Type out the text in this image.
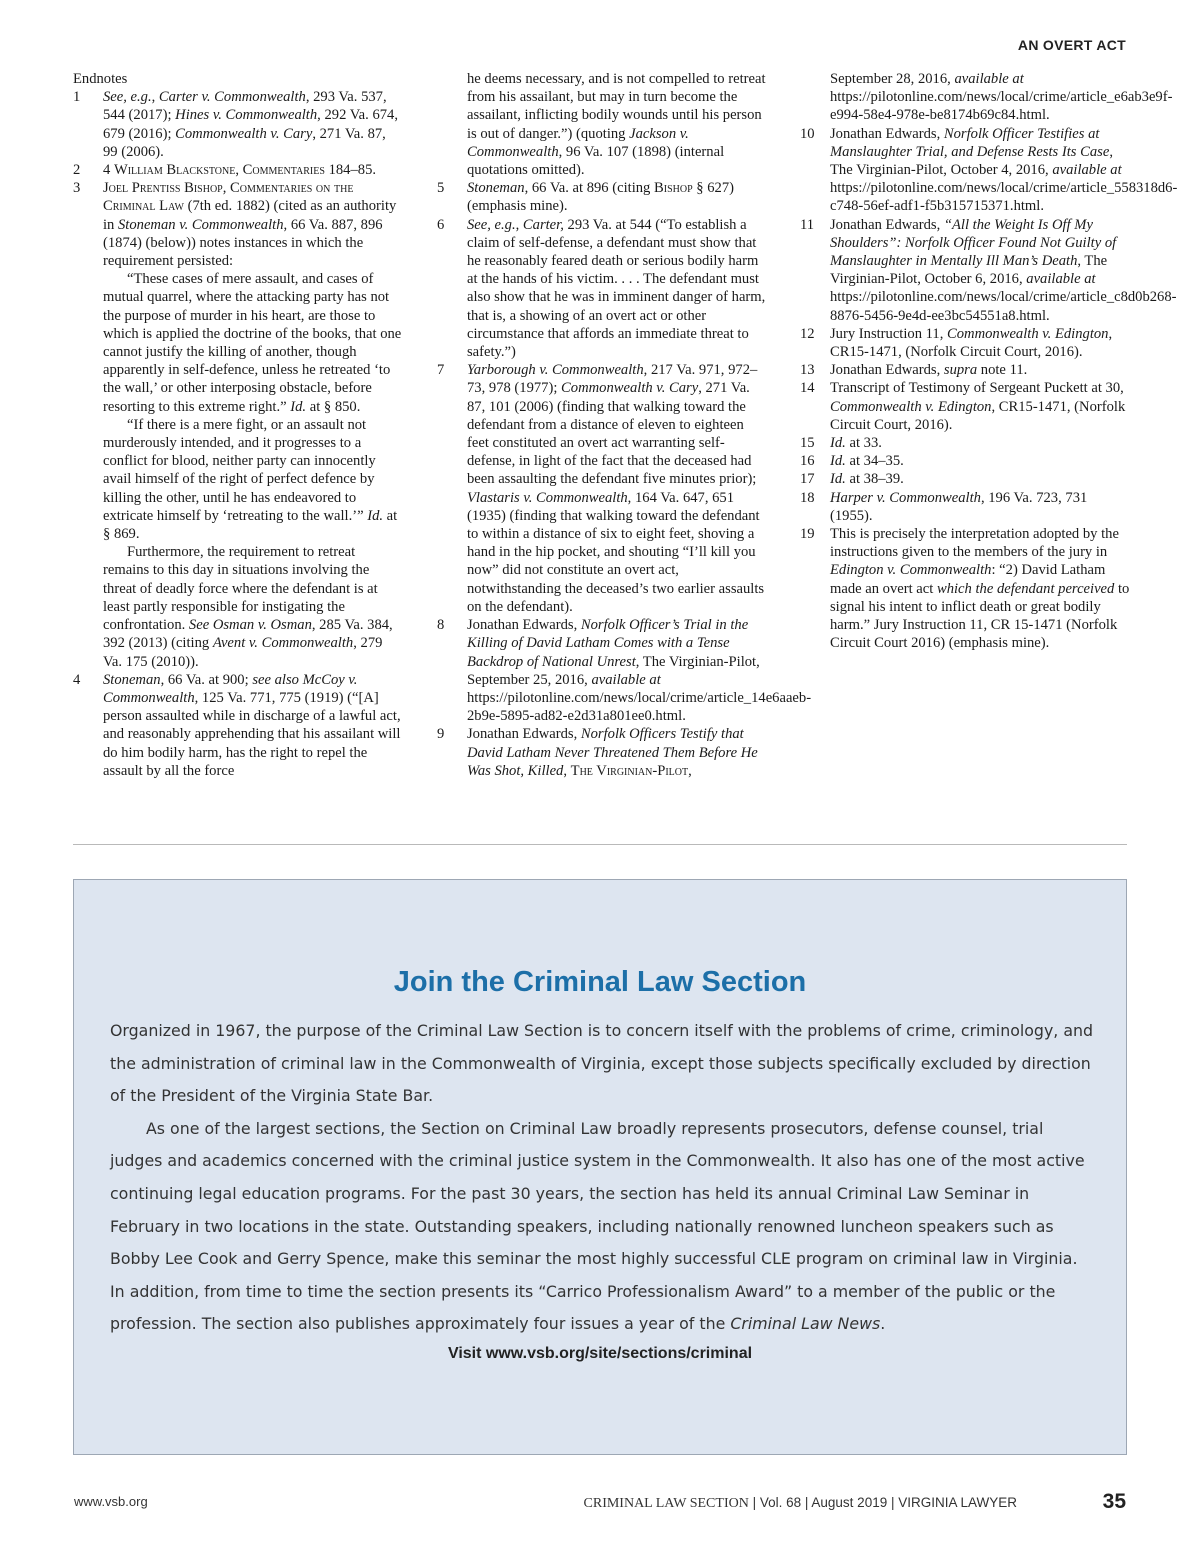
AN OVERT ACT

Endnotes

1	See, e.g., Carter v. Commonwealth, 293 Va. 537, 544 (2017); Hines v. Commonwealth, 292 Va. 674, 679 (2016); Commonwealth v. Cary, 271 Va. 87, 99 (2006).

2	4 William Blackstone, Commentaries 184–85.

3	Joel Prentiss Bishop, Commentaries on the Criminal Law (7th ed. 1882) (cited as an authority in Stoneman v. Commonwealth, 66 Va. 887, 896 (1874) (below)) notes instances in which the requirement persisted:

“These cases of mere assault, and cases of mutual quarrel, where the attacking party has not the purpose of murder in his heart, are those to which is applied the doctrine of the books, that one cannot justify the killing of another, though apparently in self-defence, unless he retreated ‘to the wall,’ or other interposing obstacle, before resorting to this extreme right.” Id. at § 850.

“If there is a mere fight, or an assault not murderously intended, and it progresses to a conflict for blood, neither party can innocently avail himself of the right of perfect defence by killing the other, until he has endeavored to extricate himself by ‘retreating to the wall.’” Id. at § 869.

Furthermore, the requirement to retreat remains to this day in situations involving the threat of deadly force where the defendant is at least partly responsible for instigating the confrontation. See Osman v. Osman, 285 Va. 384, 392 (2013) (citing Avent v. Commonwealth, 279 Va. 175 (2010)).

4	Stoneman, 66 Va. at 900; see also McCoy v. Commonwealth, 125 Va. 771, 775 (1919) (“[A] person assaulted while in discharge of a lawful act, and reasonably apprehending that his assailant will do him bodily harm, has the right to repel the assault by all the force

he deems necessary, and is not compelled to retreat from his assailant, but may in turn become the assailant, inflicting bodily wounds until his person is out of danger.”) (quoting Jackson v. Commonwealth, 96 Va. 107 (1898) (internal quotations omitted).

5	Stoneman, 66 Va. at 896 (citing Bishop § 627) (emphasis mine).

6	See, e.g., Carter, 293 Va. at 544 (“To establish a claim of self-defense, a defendant must show that he reasonably feared death or serious bodily harm at the hands of his victim. . . . The defendant must also show that he was in imminent danger of harm, that is, a showing of an overt act or other circumstance that affords an immediate threat to safety.”)

7	Yarborough v. Commonwealth, 217 Va. 971, 972–73, 978 (1977); Commonwealth v. Cary, 271 Va. 87, 101 (2006) (finding that walking toward the defendant from a distance of eleven to eighteen feet constituted an overt act warranting self-defense, in light of the fact that the deceased had been assaulting the defendant five minutes prior); Vlastaris v. Commonwealth, 164 Va. 647, 651 (1935) (finding that walking toward the defendant to within a distance of six to eight feet, shoving a hand in the hip pocket, and shouting “I’ll kill you now” did not constitute an overt act, notwithstanding the deceased’s two earlier assaults on the defendant).

8	Jonathan Edwards, Norfolk Officer’s Trial in the Killing of David Latham Comes with a Tense Backdrop of National Unrest, The Virginian-Pilot, September 25, 2016, available at https://pilotonline.com/news/local/crime/article_14e6aaeb-2b9e-5895-ad82-e2d31a801ee0.html.

9	Jonathan Edwards, Norfolk Officers Testify that David Latham Never Threatened Them Before He Was Shot, Killed, The Virginian-Pilot,

September 28, 2016, available at https://pilotonline.com/news/local/crime/article_e6ab3e9f-e994-58e4-978e-be8174b69c84.html.

10	Jonathan Edwards, Norfolk Officer Testifies at Manslaughter Trial, and Defense Rests Its Case, The Virginian-Pilot, October 4, 2016, available at https://pilotonline.com/news/local/crime/article_558318d6-c748-56ef-adf1-f5b315715371.html.

11	Jonathan Edwards, “All the Weight Is Off My Shoulders”: Norfolk Officer Found Not Guilty of Manslaughter in Mentally Ill Man’s Death, The Virginian-Pilot, October 6, 2016, available at https://pilotonline.com/news/local/crime/article_c8d0b268-8876-5456-9e4d-ee3bc54551a8.html.

12	Jury Instruction 11, Commonwealth v. Edington, CR15-1471, (Norfolk Circuit Court, 2016).

13	Jonathan Edwards, supra note 11.

14	Transcript of Testimony of Sergeant Puckett at 30, Commonwealth v. Edington, CR15-1471, (Norfolk Circuit Court, 2016).

15	Id. at 33.

16	Id. at 34–35.

17	Id. at 38–39.

18	Harper v. Commonwealth, 196 Va. 723, 731 (1955).

19	This is precisely the interpretation adopted by the instructions given to the members of the jury in Edington v. Commonwealth: “2) David Latham made an overt act which the defendant perceived to signal his intent to inflict death or great bodily harm.” Jury Instruction 11, CR 15-1471 (Norfolk Circuit Court 2016) (emphasis mine).

Join the Criminal Law Section

Organized in 1967, the purpose of the Criminal Law Section is to concern itself with the problems of crime, criminology, and the administration of criminal law in the Commonwealth of Virginia, except those subjects specifically excluded by direction of the President of the Virginia State Bar.

As one of the largest sections, the Section on Criminal Law broadly represents prosecutors, defense counsel, trial judges and academics concerned with the criminal justice system in the Commonwealth. It also has one of the most active continuing legal education programs. For the past 30 years, the section has held its annual Criminal Law Seminar in February in two locations in the state. Outstanding speakers, including nationally renowned luncheon speakers such as Bobby Lee Cook and Gerry Spence, make this seminar the most highly successful CLE program on criminal law in Virginia. In addition, from time to time the section presents its “Carrico Professionalism Award” to a member of the public or the profession. The section also publishes approximately four issues a year of the Criminal Law News.

Visit www.vsb.org/site/sections/criminal
www.vsb.org	CRIMINAL LAW SECTION | Vol. 68 | August 2019 | VIRGINIA LAWYER	35
